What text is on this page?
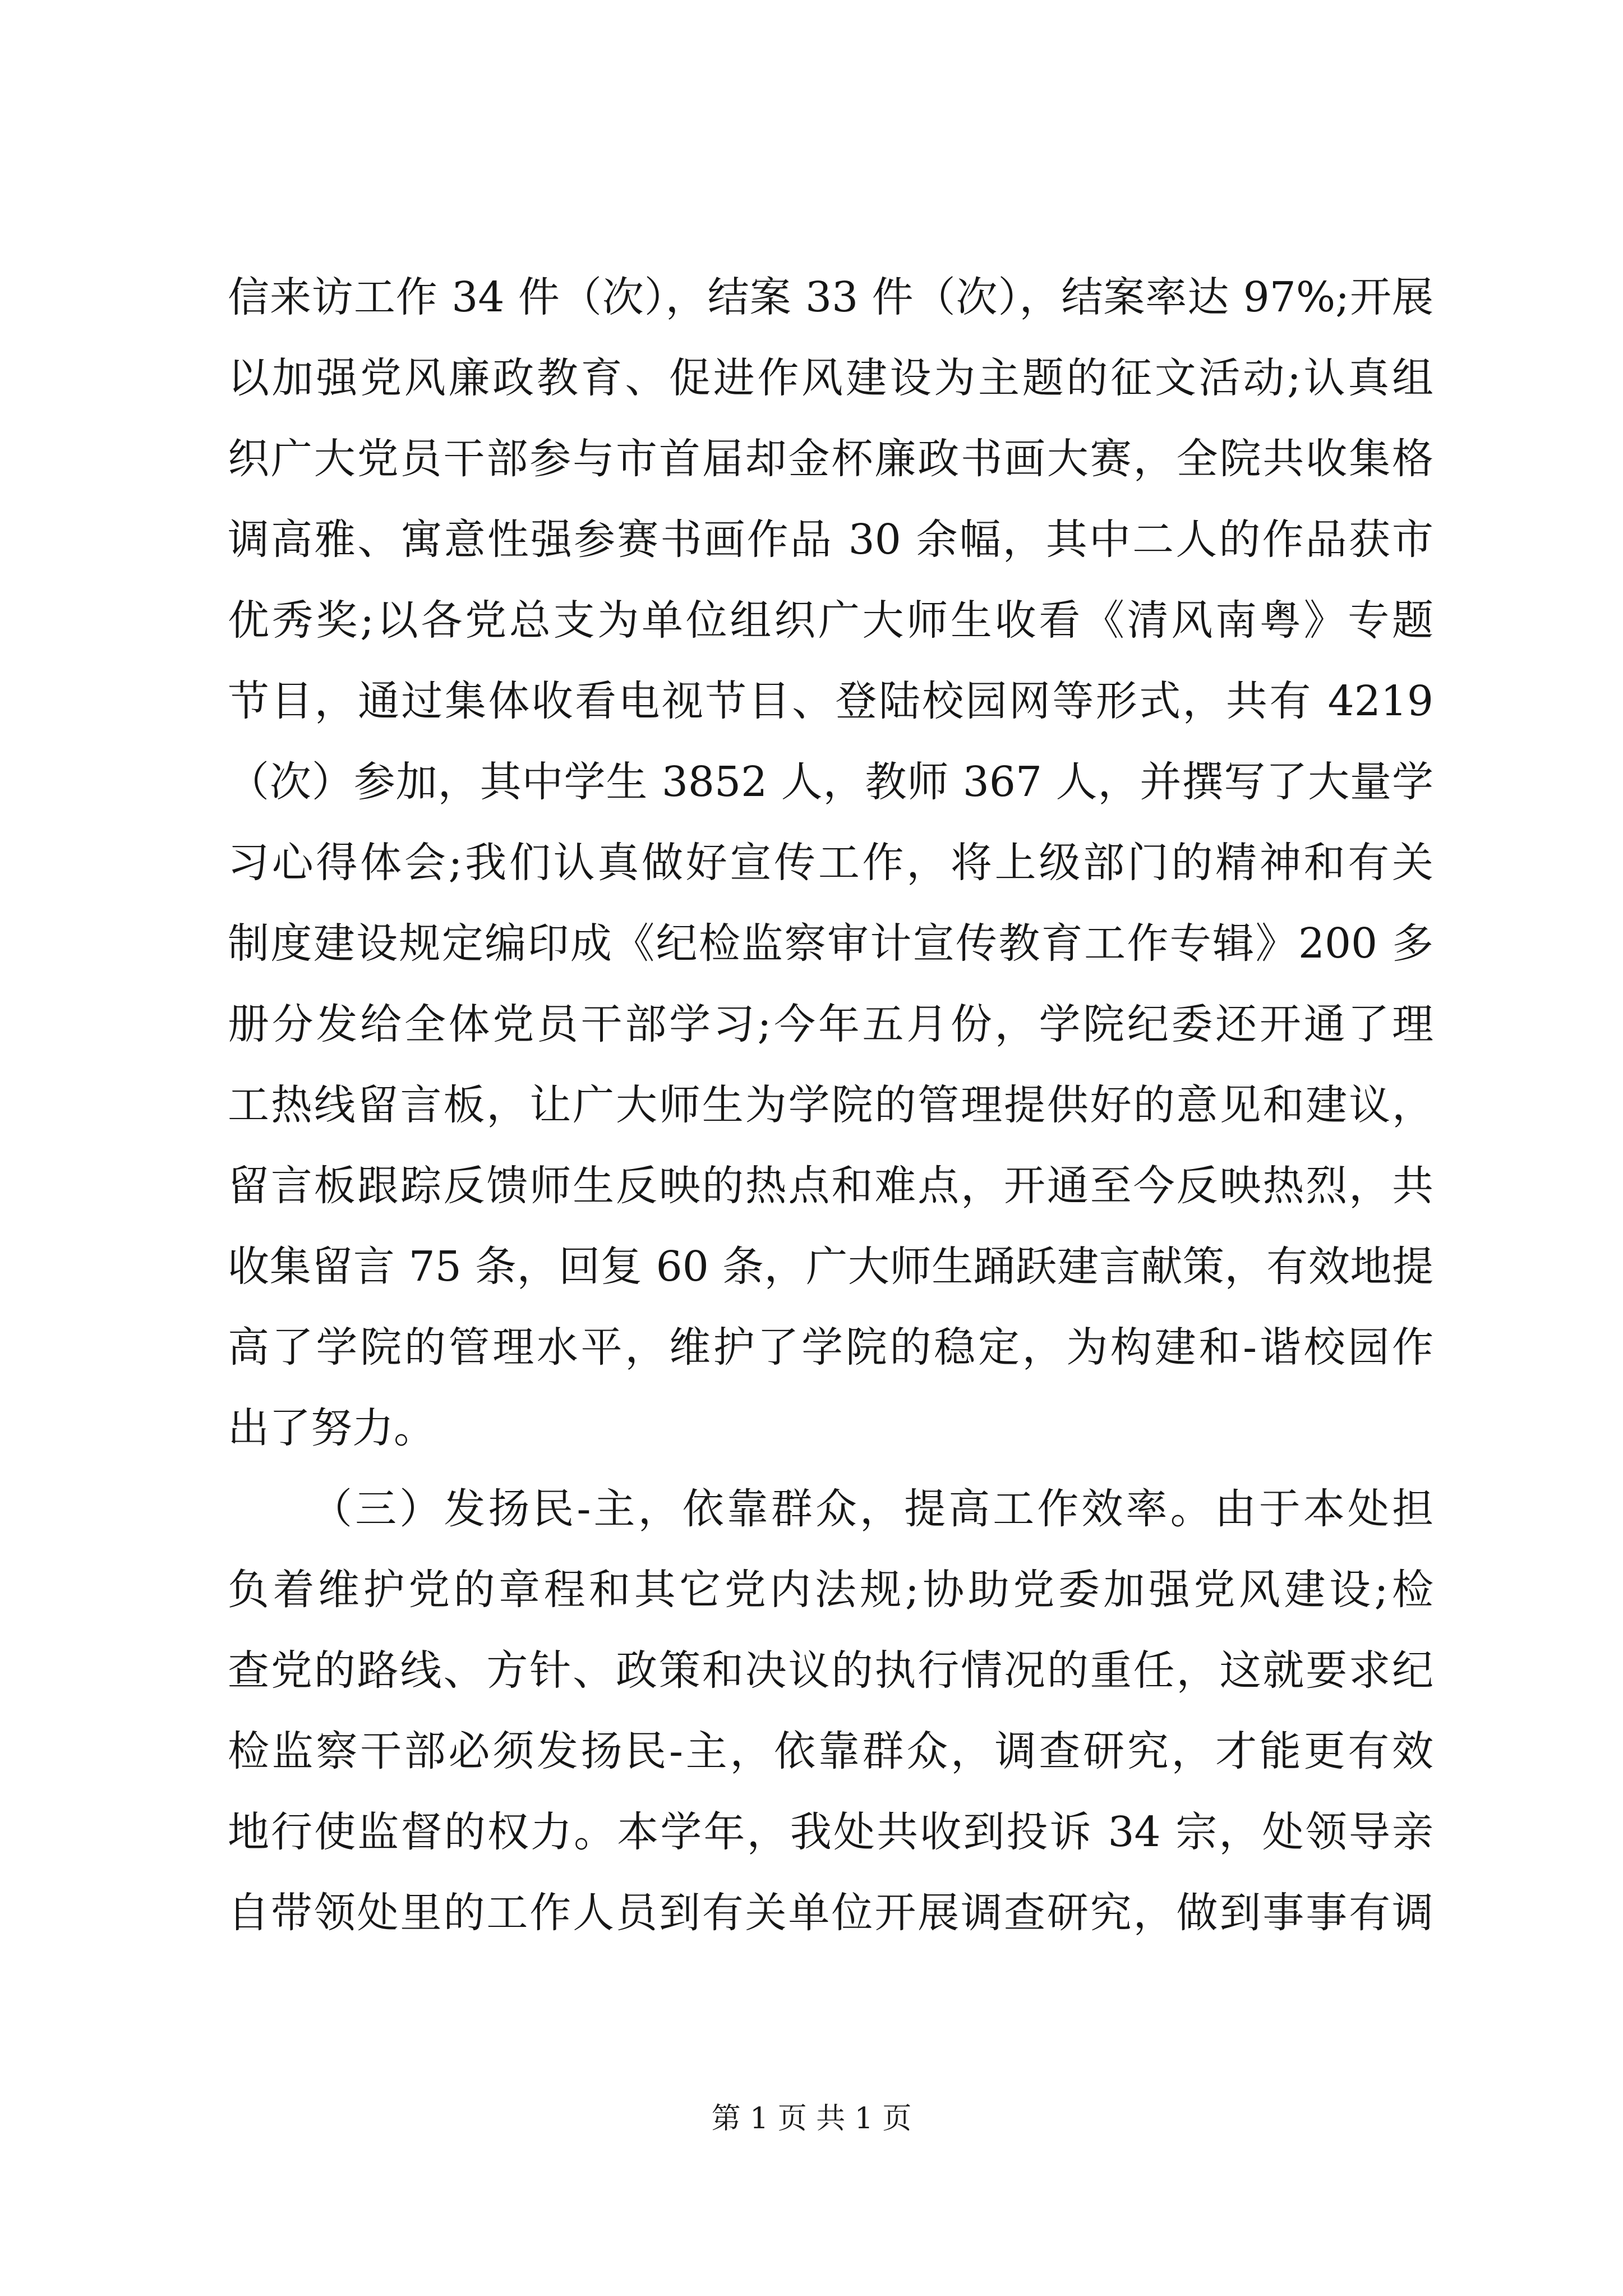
信来访工作 34 件（次），结案 33 件（次），结案率达 97%;开展
以加强党风廉政教育、促进作风建设为主题的征文活动;认真组
织广大党员干部参与市首届却金杯廉政书画大赛，全院共收集格
调高雅、寓意性强参赛书画作品 30 余幅，其中二人的作品获市
优秀奖;以各党总支为单位组织广大师生收看《清风南粤》专题
节目，通过集体收看电视节目、登陆校园网等形式，共有 4219
（次）参加，其中学生 3852 人，教师 367 人，并撰写了大量学
习心得体会;我们认真做好宣传工作，将上级部门的精神和有关
制度建设规定编印成《纪检监察审计宣传教育工作专辑》200 多
册分发给全体党员干部学习;今年五月份，学院纪委还开通了理
工热线留言板，让广大师生为学院的管理提供好的意见和建议，
留言板跟踪反馈师生反映的热点和难点，开通至今反映热烈，共
收集留言 75 条，回复 60 条，广大师生踊跃建言献策，有效地提
高了学院的管理水平，维护了学院的稳定，为构建和-谐校园作
出了努力。
（三）发扬民-主，依靠群众，提高工作效率。由于本处担
负着维护党的章程和其它党内法规;协助党委加强党风建设;检
查党的路线、方针、政策和决议的执行情况的重任，这就要求纪
检监察干部必须发扬民-主，依靠群众，调查研究，才能更有效
地行使监督的权力。本学年，我处共收到投诉 34 宗，处领导亲
自带领处里的工作人员到有关单位开展调查研究，做到事事有调
第 1 页 共 1 页
